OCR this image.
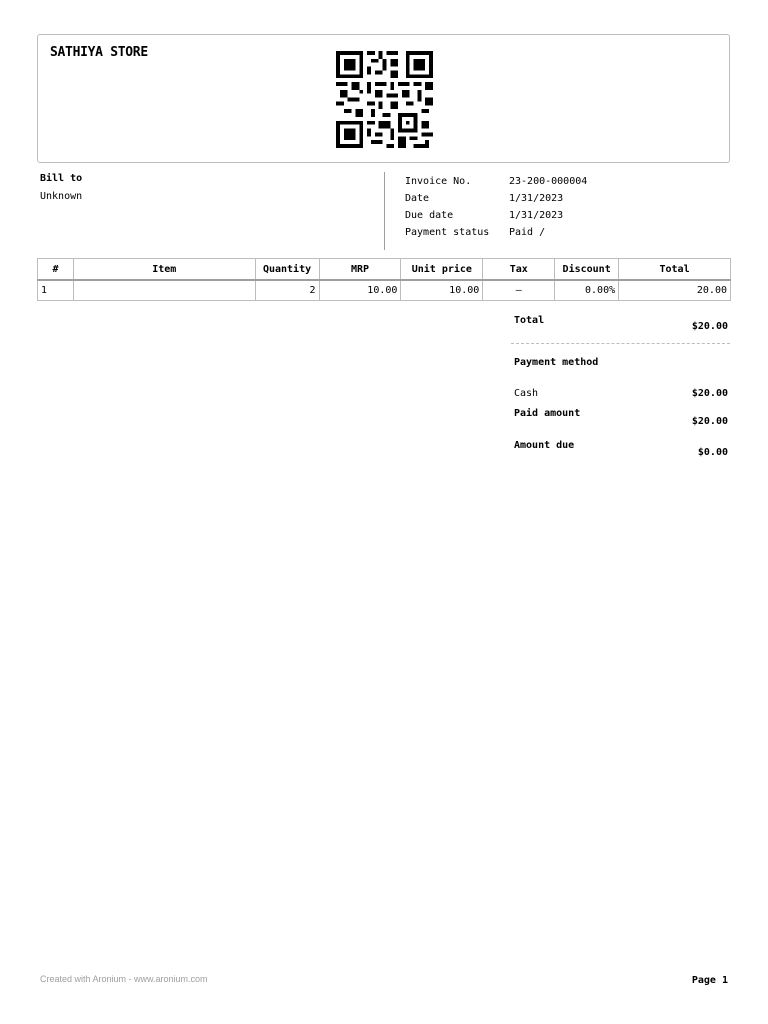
SATHIYA STORE
Bill to
Unknown
Invoice No.	23-200-000004
Date	1/31/2023
Due date	1/31/2023
Payment status	Paid /
#	Item	Quantity	MRP	Unit price	Tax	Discount	Total
1		2	10.00	10.00	—	0.00%	20.00
Total
$20.00
Payment method
Cash	$20.00
Paid amount
$20.00
Amount due
$0.00
Created with Aronium - www.aronium.com	Page 1
